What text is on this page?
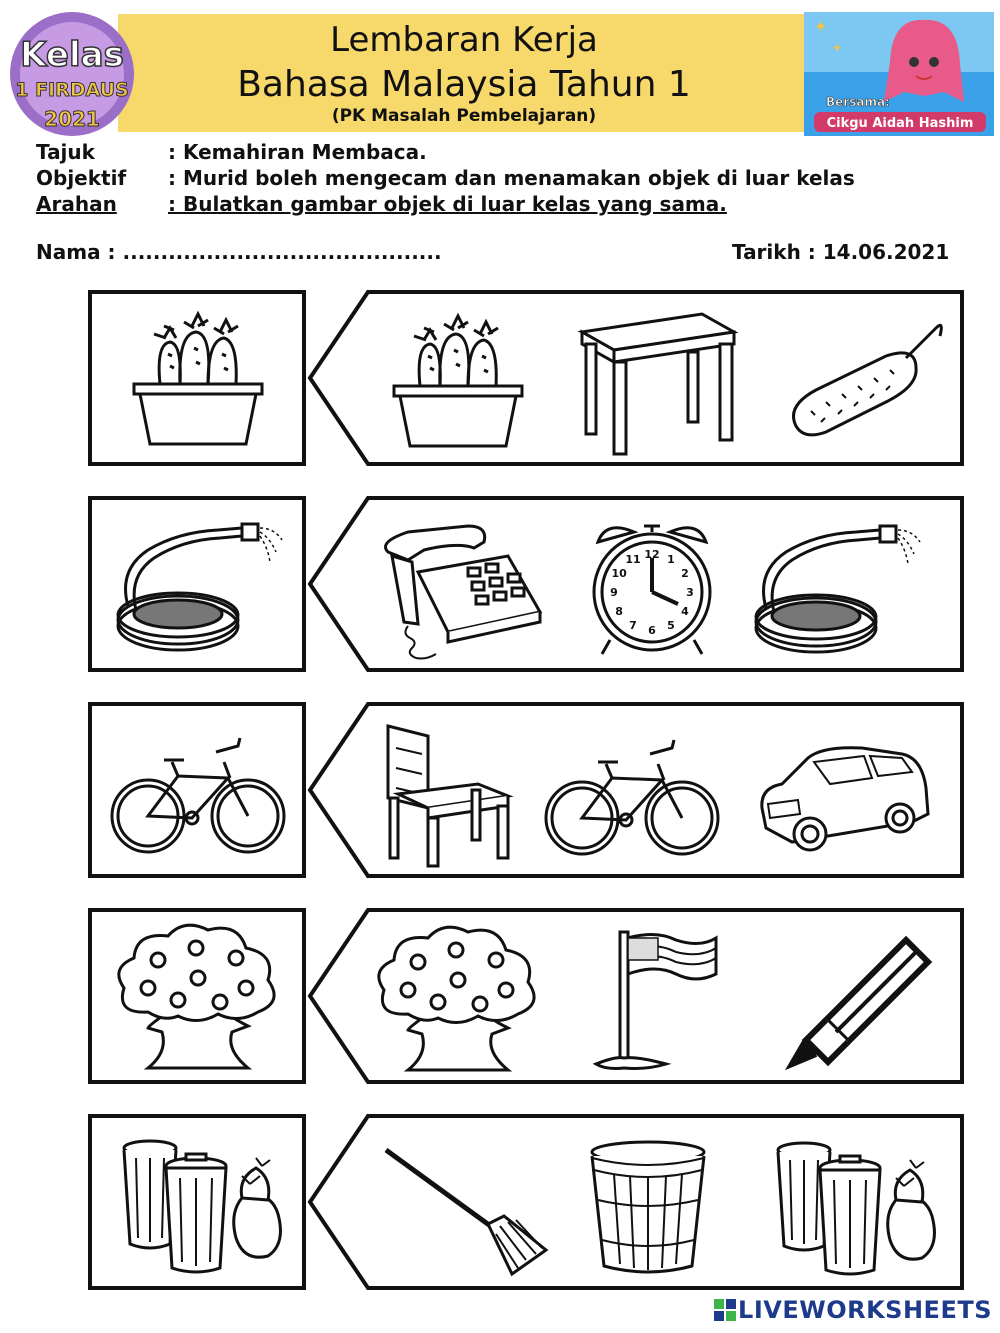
Kelas
1 FIRDAUS
2021
Lembaran Kerja
Bahasa Malaysia Tahun 1
(PK Masalah Pembelajaran)
✦
✦
Bersama:
Cikgu Aidah Hashim
Tajuk	: Kemahiran Membaca.
Objektif : Murid boleh mengecam dan menamakan objek di luar kelas
Arahan	: Bulatkan gambar objek di luar kelas yang sama.
Nama : ..........................................	Tarikh : 14.06.2021
12 1
2
3
4
5
6
7
8
9
10
11
LIVEWORKSHEETS
